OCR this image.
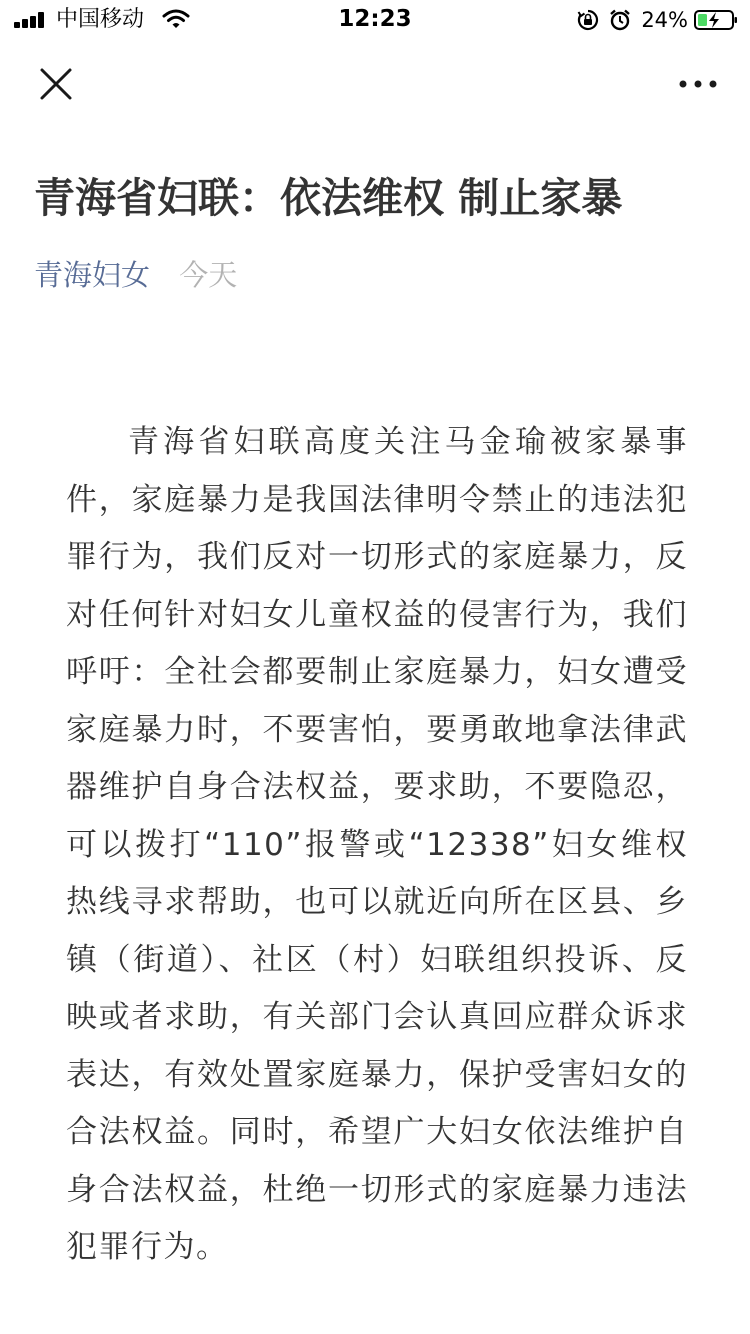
中国移动	12:23	24%
青海省妇联：依法维权 制止家暴
青海妇女 今天

青海省妇联高度关注马金瑜被家暴事件，家庭暴力是我国法律明令禁止的违法犯罪行为，我们反对一切形式的家庭暴力，反对任何针对妇女儿童权益的侵害行为，我们呼吁：全社会都要制止家庭暴力，妇女遭受家庭暴力时，不要害怕，要勇敢地拿法律武器维护自身合法权益，要求助，不要隐忍，可以拨打“110”报警或“12338”妇女维权热线寻求帮助，也可以就近向所在区县、乡镇（街道）、社区（村）妇联组织投诉、反映或者求助，有关部门会认真回应群众诉求表达，有效处置家庭暴力，保护受害妇女的合法权益。同时，希望广大妇女依法维护自身合法权益，杜绝一切形式的家庭暴力违法犯罪行为。
